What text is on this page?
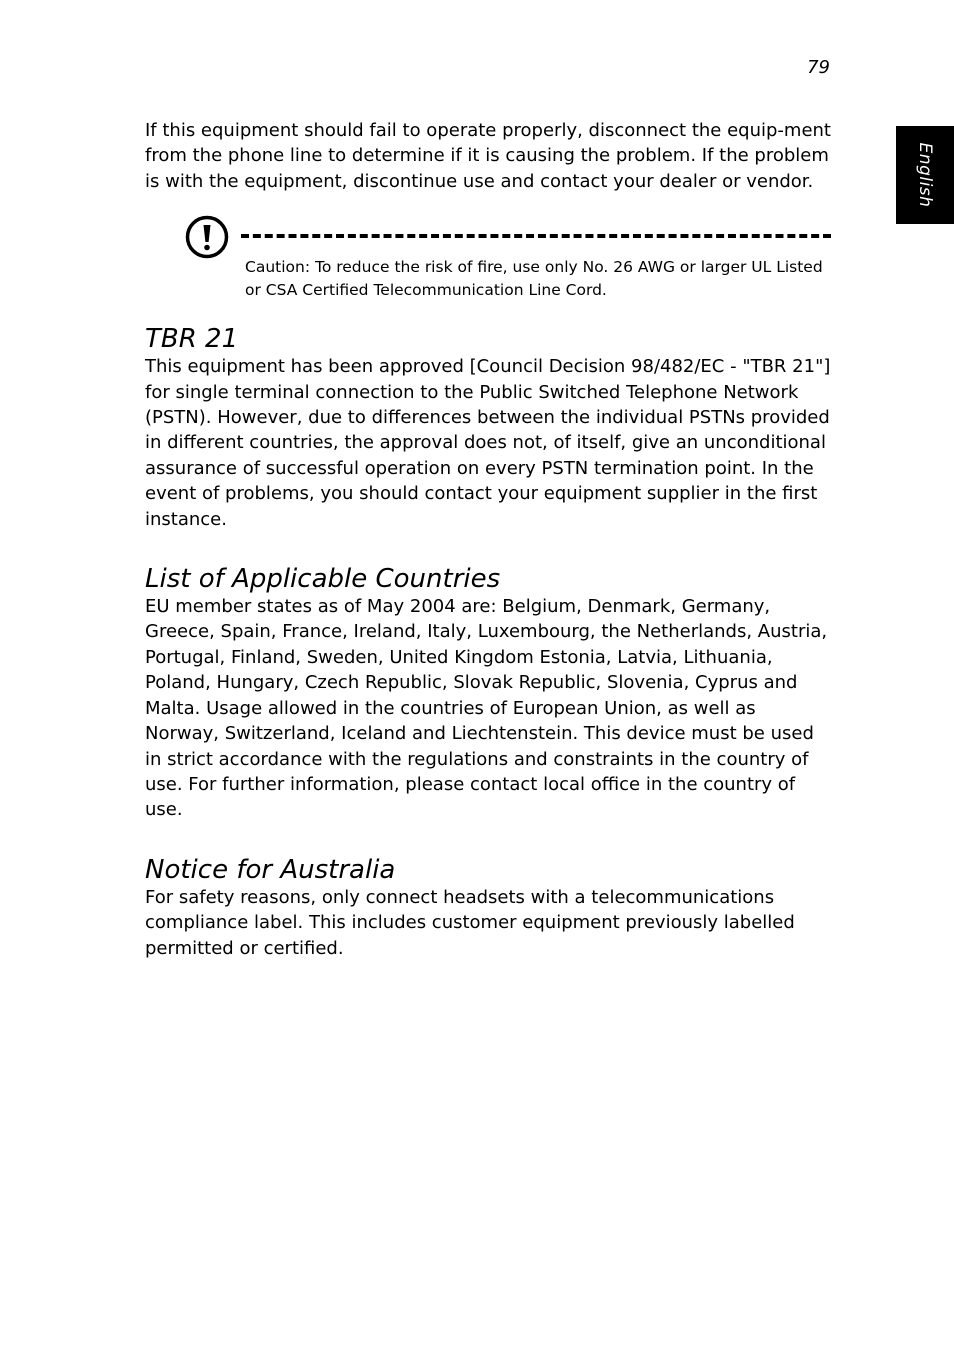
79
English

If this equipment should fail to operate properly, disconnect the equip-ment from the phone line to determine if it is causing the problem. If the problem is with the equipment, discontinue use and contact your dealer or vendor.

Caution: To reduce the risk of fire, use only No. 26 AWG or larger UL Listed or CSA Certified Telecommunication Line Cord.

TBR 21

This equipment has been approved [Council Decision 98/482/EC - "TBR 21"] for single terminal connection to the Public Switched Telephone Network (PSTN). However, due to differences between the individual PSTNs provided in different countries, the approval does not, of itself, give an unconditional assurance of successful operation on every PSTN termination point. In the event of problems, you should contact your equipment supplier in the first instance.

List of Applicable Countries

EU member states as of May 2004 are: Belgium, Denmark, Germany, Greece, Spain, France, Ireland, Italy, Luxembourg, the Netherlands, Austria, Portugal, Finland, Sweden, United Kingdom Estonia, Latvia, Lithuania, Poland, Hungary, Czech Republic, Slovak Republic, Slovenia, Cyprus and Malta. Usage allowed in the countries of European Union, as well as Norway, Switzerland, Iceland and Liechtenstein. This device must be used in strict accordance with the regulations and constraints in the country of use. For further information, please contact local office in the country of use.

Notice for Australia

For safety reasons, only connect headsets with a telecommunications compliance label. This includes customer equipment previously labelled permitted or certified.
